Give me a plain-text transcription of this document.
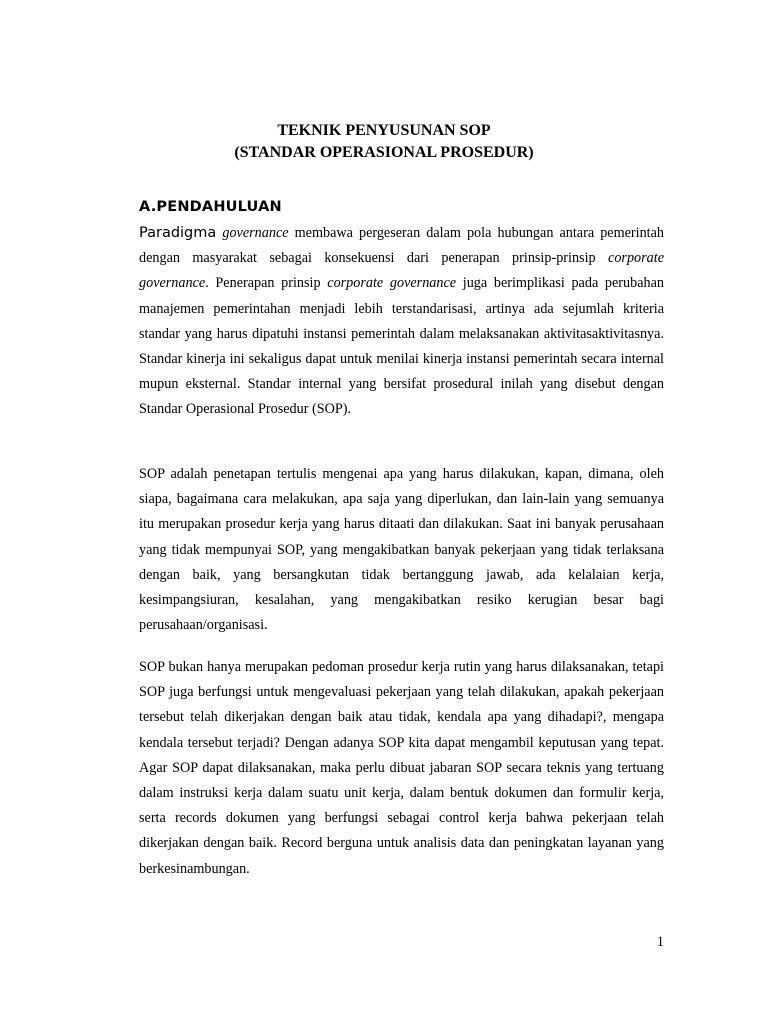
TEKNIK PENYUSUNAN SOP
(STANDAR OPERASIONAL PROSEDUR)
A.PENDAHULUAN

Paradigma governance membawa pergeseran dalam pola hubungan antara pemerintah dengan masyarakat sebagai konsekuensi dari penerapan prinsip-prinsip corporate governance. Penerapan prinsip corporate governance juga berimplikasi pada perubahan manajemen pemerintahan menjadi lebih terstandarisasi, artinya ada sejumlah kriteria standar yang harus dipatuhi instansi pemerintah dalam melaksanakan aktivitasaktivitasnya. Standar kinerja ini sekaligus dapat untuk menilai kinerja instansi pemerintah secara internal mupun eksternal. Standar internal yang bersifat prosedural inilah yang disebut dengan Standar Operasional Prosedur (SOP).

SOP adalah penetapan tertulis mengenai apa yang harus dilakukan, kapan, dimana, oleh siapa, bagaimana cara melakukan, apa saja yang diperlukan, dan lain-lain yang semuanya itu merupakan prosedur kerja yang harus ditaati dan dilakukan. Saat ini banyak perusahaan yang tidak mempunyai SOP, yang mengakibatkan banyak pekerjaan yang tidak terlaksana dengan baik, yang bersangkutan tidak bertanggung jawab, ada kelalaian kerja, kesimpangsiuran, kesalahan, yang mengakibatkan resiko kerugian besar bagi perusahaan/organisasi.

SOP bukan hanya merupakan pedoman prosedur kerja rutin yang harus dilaksanakan, tetapi SOP juga berfungsi untuk mengevaluasi pekerjaan yang telah dilakukan, apakah pekerjaan tersebut telah dikerjakan dengan baik atau tidak, kendala apa yang dihadapi?, mengapa kendala tersebut terjadi? Dengan adanya SOP kita dapat mengambil keputusan yang tepat. Agar SOP dapat dilaksanakan, maka perlu dibuat jabaran SOP secara teknis yang tertuang dalam instruksi kerja dalam suatu unit kerja, dalam bentuk dokumen dan formulir kerja, serta records dokumen yang berfungsi sebagai control kerja bahwa pekerjaan telah dikerjakan dengan baik. Record berguna untuk analisis data dan peningkatan layanan yang berkesinambungan.

1
